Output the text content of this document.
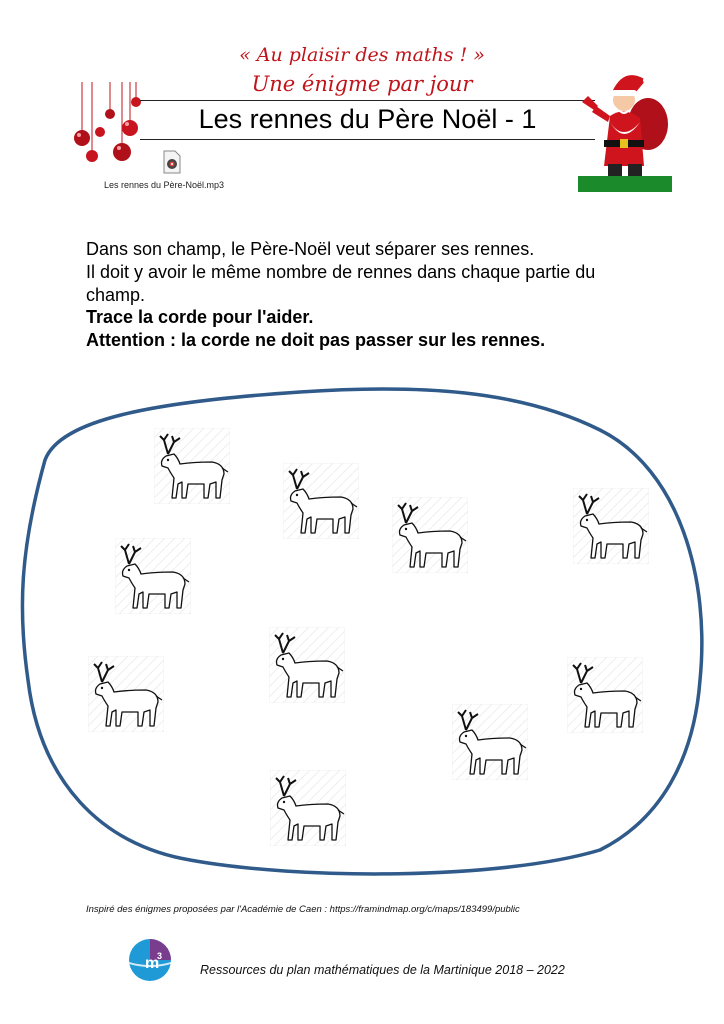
« Au plaisir des maths ! »
Une énigme par jour
Les rennes du Père Noël - 1
Les rennes du Père-Noël.mp3
Dans son champ, le Père-Noël veut séparer ses rennes.
Il doit y avoir le même nombre de rennes dans chaque partie du
champ.
Trace la corde pour l'aider.
Attention : la corde ne doit pas passer sur les rennes.
Inspiré des énigmes proposées par l'Académie de Caen : https://framindmap.org/c/maps/183499/public
m
3
Ressources du plan mathématiques de la Martinique 2018 – 2022
